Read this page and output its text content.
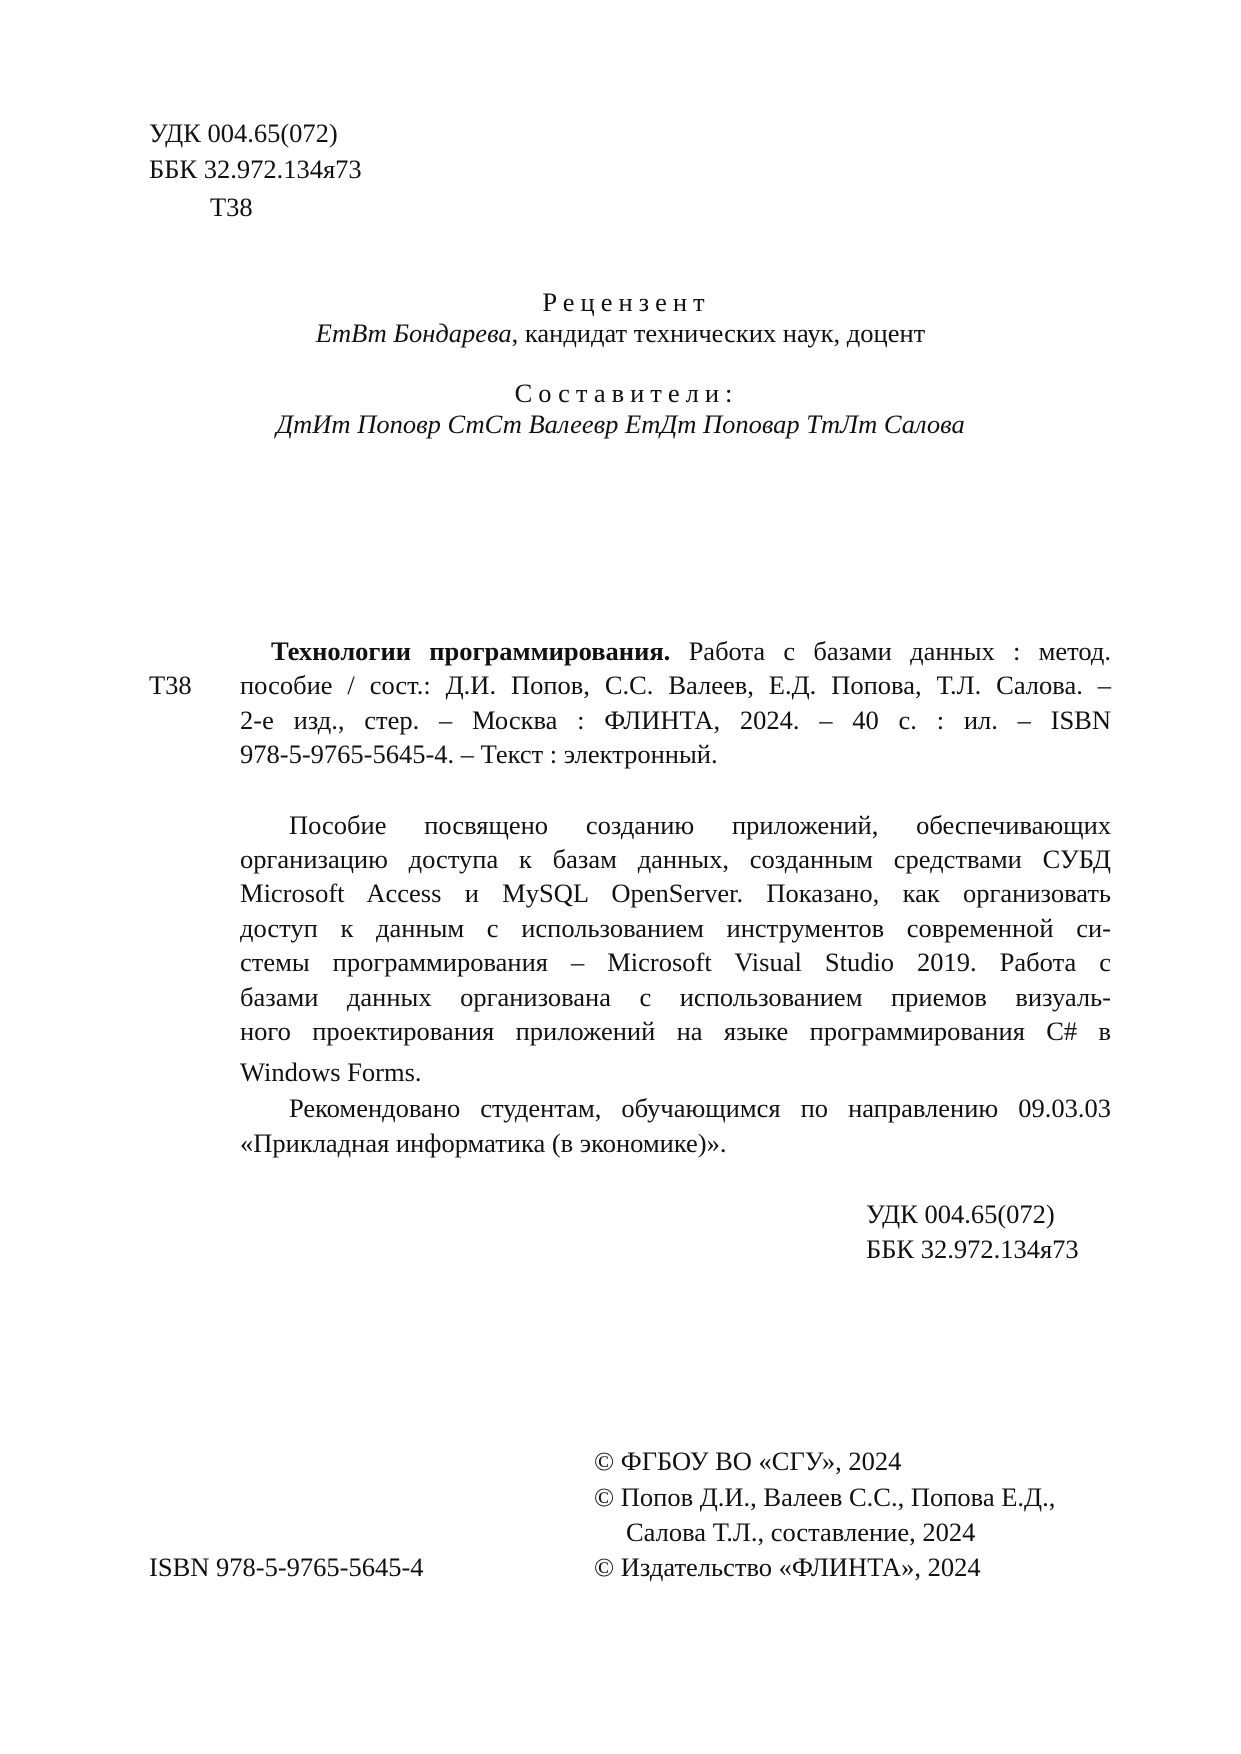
УДК 004.65(072)
ББК 32.972.134я73
Т38
Рецензент
ЕтВт Бондарева, кандидат технических наук, доцент
Составители:
ДтИт Поповр СтСт Валеевр ЕтДт Поповар ТтЛт Салова
Технологии программирования. Работа с базами данных : метод.
Т38 пособие / сост.: Д.И. Попов, С.С. Валеев, Е.Д. Попова, Т.Л. Салова. –
2-е изд., стер. – Москва : ФЛИНТА, 2024. – 40 с. : ил. – ISBN
978-5-9765-5645-4. – Текст : электронный.
Пособие посвящено созданию приложений, обеспечивающих
организацию доступа к базам данных, созданным средствами СУБД
Microsoft Access и MySQL OpenServer. Показано, как организовать
доступ к данным с использованием инструментов современной си-
стемы программирования – Microsoft Visual Studio 2019. Работа с
базами данных организована с использованием приемов визуаль-
ного проектирования приложений на языке программирования C# в
Windows Forms.
Рекомендовано студентам, обучающимся по направлению 09.03.03
«Прикладная информатика (в экономике)».
УДК 004.65(072)
ББК 32.972.134я73
ISBN 978-5-9765-5645-4
© ФГБОУ ВО «СГУ», 2024
© Попов Д.И., Валеев С.С., Попова Е.Д.,
Салова Т.Л., составление, 2024
© Издательство «ФЛИНТА», 2024
